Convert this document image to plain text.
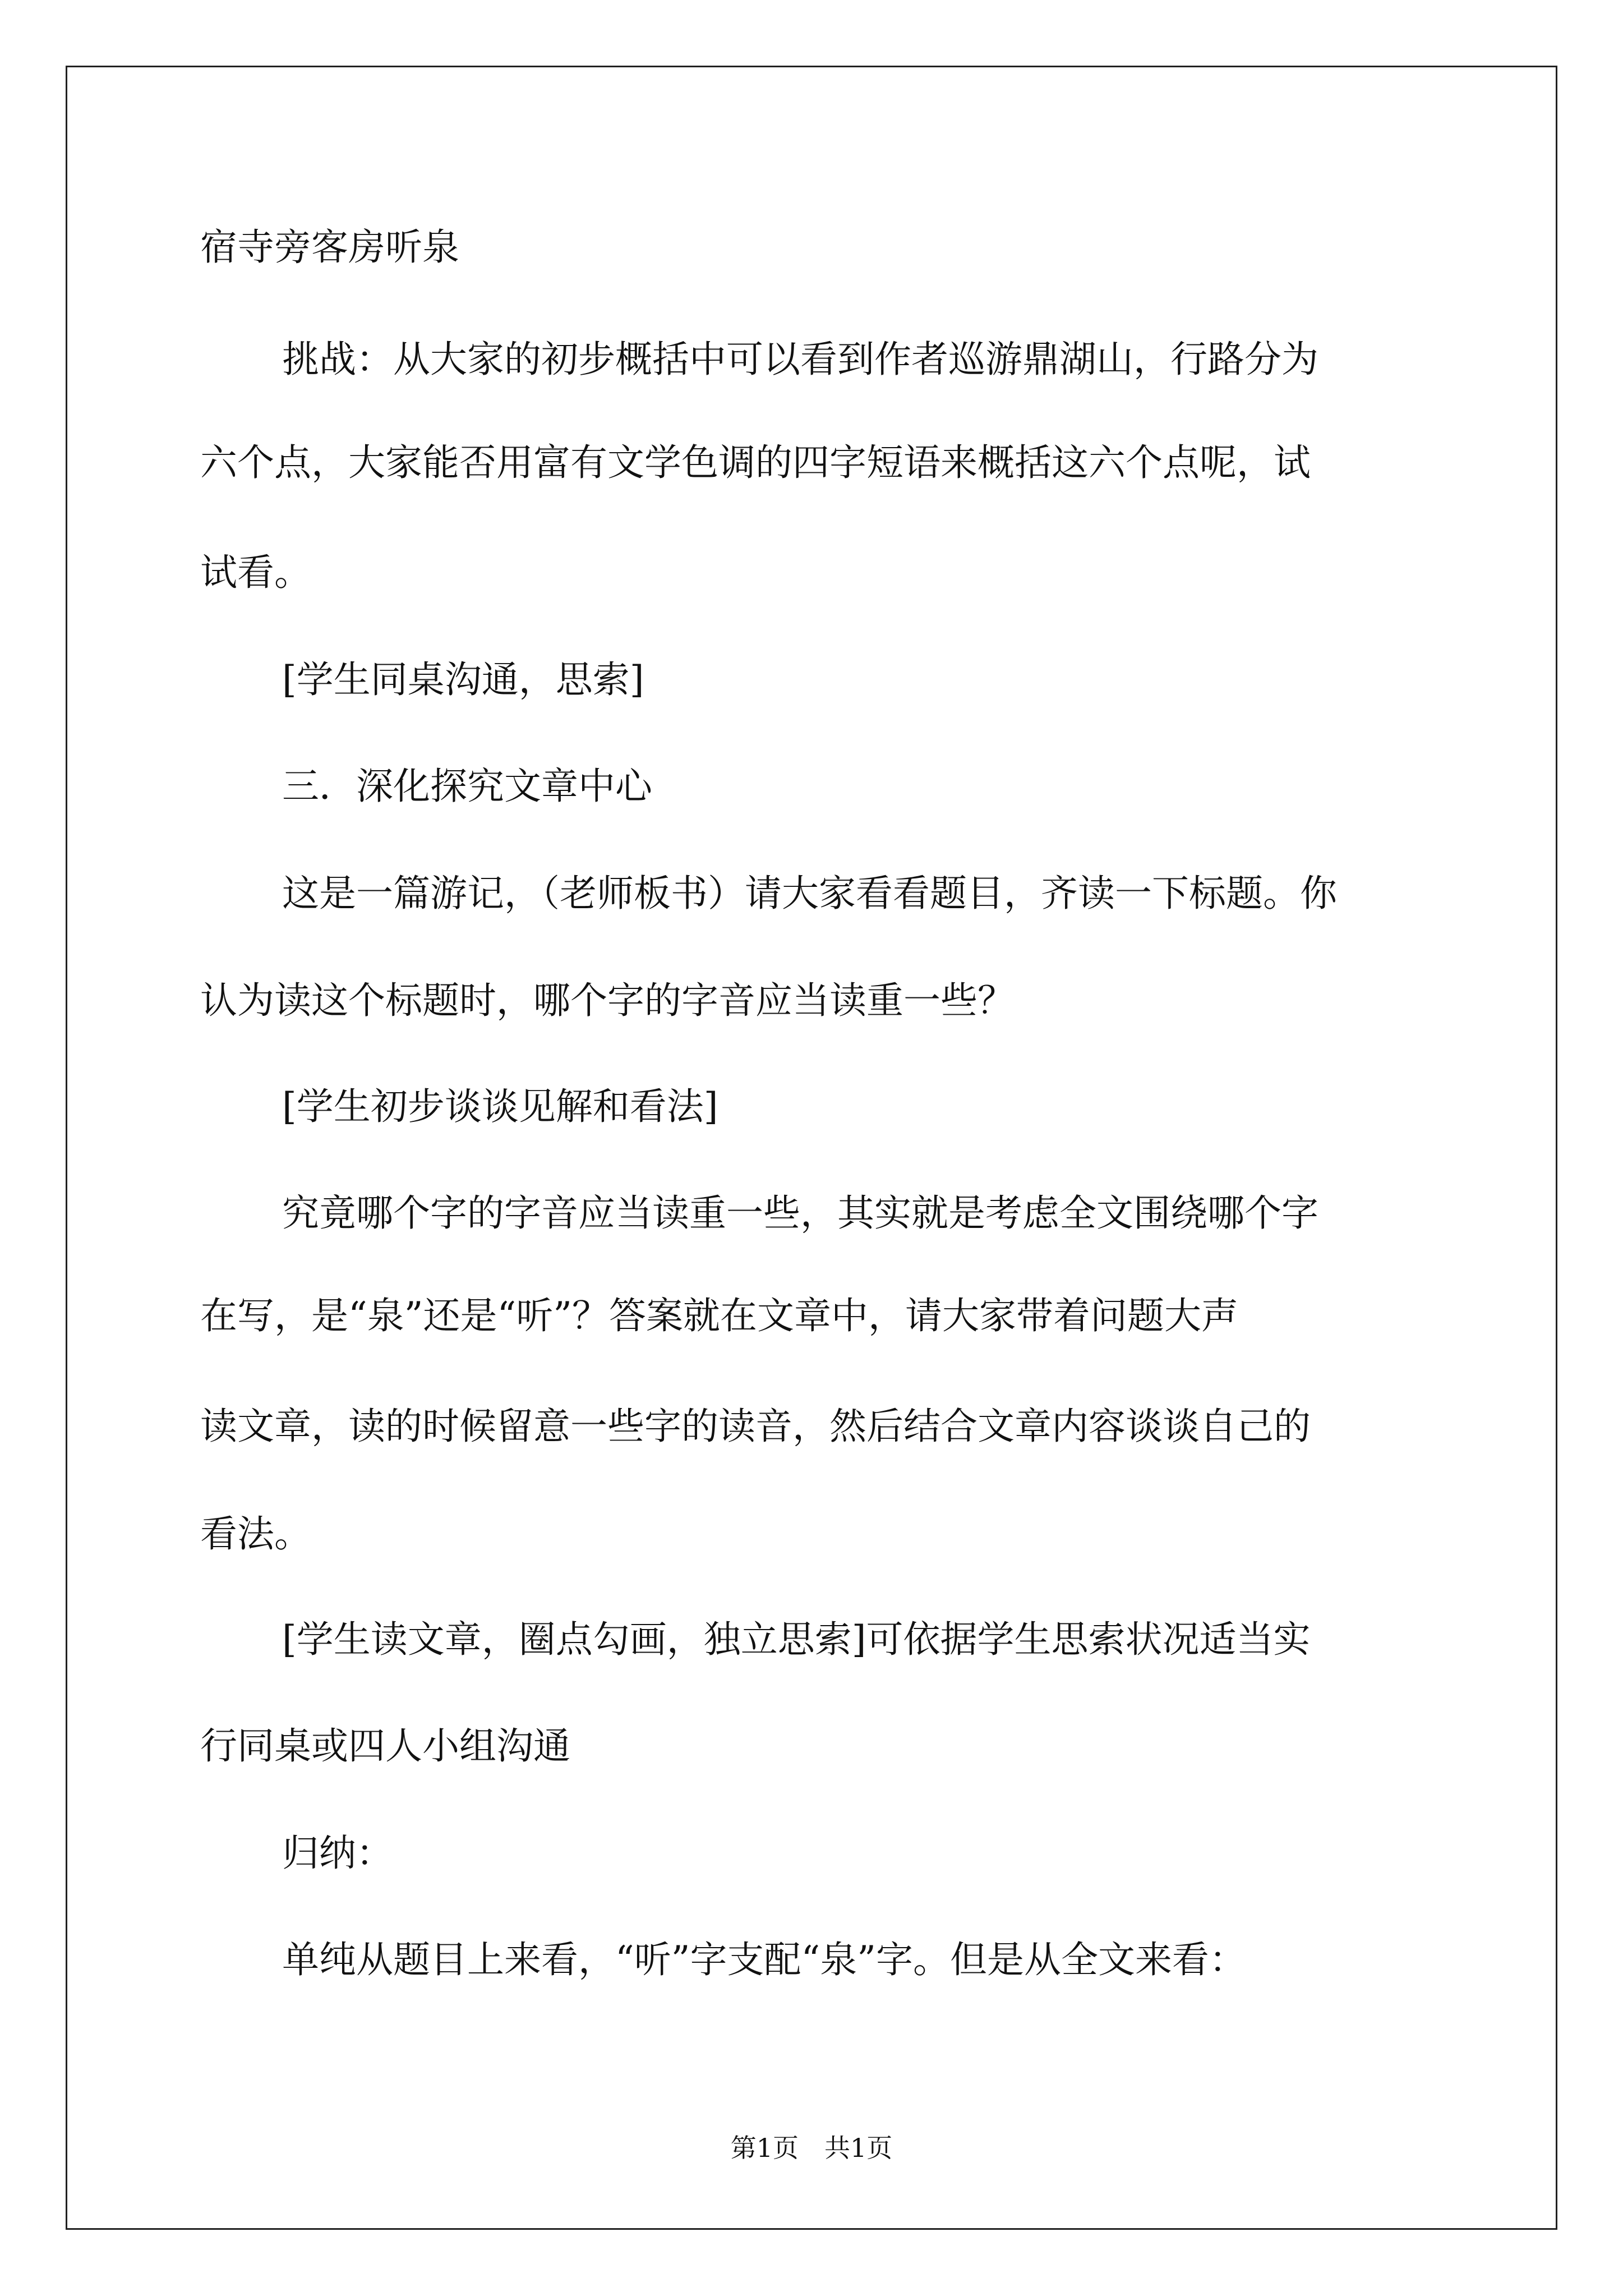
宿寺旁客房听泉

挑战：从大家的初步概括中可以看到作者巡游鼎湖山，行路分为

六个点，大家能否用富有文学色调的四字短语来概括这六个点呢，试

试看。

[学生同桌沟通，思索]

三．深化探究文章中心

这是一篇游记，（老师板书）请大家看看题目，齐读一下标题。你

认为读这个标题时，哪个字的字音应当读重一些？

[学生初步谈谈见解和看法]

究竟哪个字的字音应当读重一些，其实就是考虑全文围绕哪个字

在写，是“泉”还是“听”？答案就在文章中，请大家带着问题大声

读文章，读的时候留意一些字的读音，然后结合文章内容谈谈自己的

看法。

[学生读文章，圈点勾画，独立思索]可依据学生思索状况适当实

行同桌或四人小组沟通

归纳：

单纯从题目上来看，“听”字支配“泉”字。但是从全文来看：

第1页　共1页
